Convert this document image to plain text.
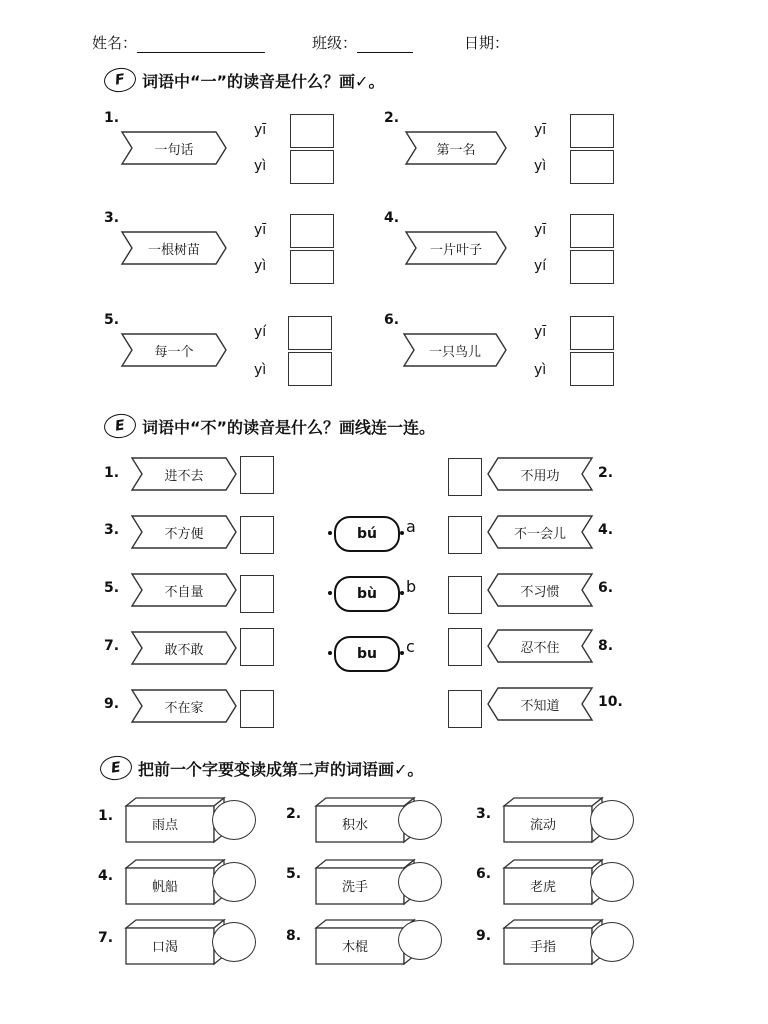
姓名：	班级：	日期：
F	词语中“一”的读音是什么？画✓。
1.
一句话
yī
yì
2.
第一名
yī
yì
3.
一根树苗
yī
yì
4.
一片叶子
yī
yí
5.
每一个
yí
yì
6.
一只鸟儿
yī
yì
E	词语中“不”的读音是什么？画线连一连。
1.	进不去
3.	不方便
5.	不自量
7.	敢不敢
9.	不在家
bú	a
bù	b
bu	c
不用功	2.
不一会儿	4.
不习惯	6.
忍不住	8.
不知道	10.
E	把前一个字要变读成第二声的词语画✓。
1.
雨点
2.
积水
3.
流动
4.
帆船
5.
洗手
6.
老虎
7.
口渴
8.
木棍
9.
手指
